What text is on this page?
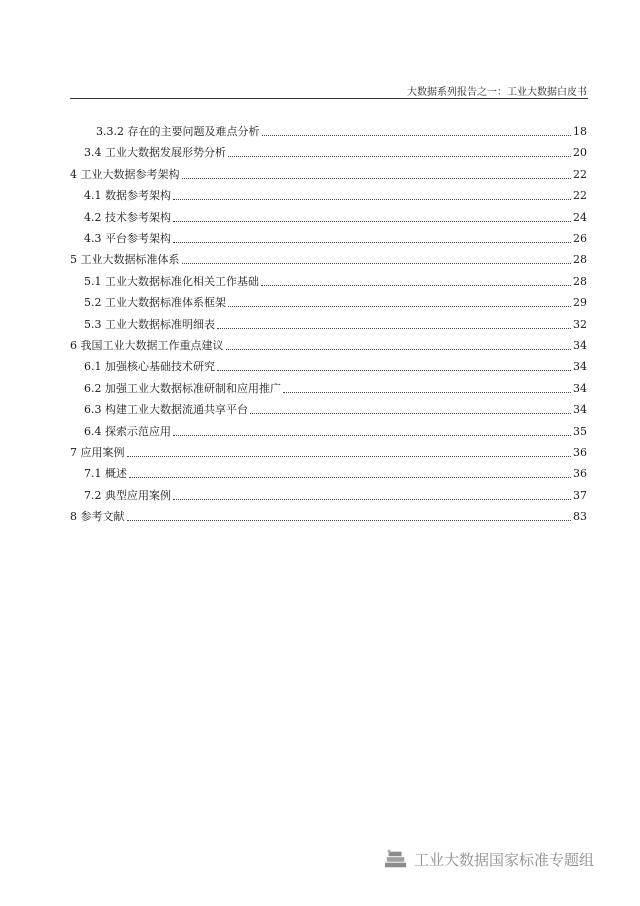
大数据系列报告之一：工业大数据白皮书
3.3.2 存在的主要问题及难点分析	18
3.4 工业大数据发展形势分析	20
4 工业大数据参考架构	22
4.1 数据参考架构	22
4.2 技术参考架构	24
4.3 平台参考架构	26
5 工业大数据标准体系	28
5.1 工业大数据标准化相关工作基础	28
5.2 工业大数据标准体系框架	29
5.3 工业大数据标准明细表	32
6 我国工业大数据工作重点建议	34
6.1 加强核心基础技术研究	34
6.2 加强工业大数据标准研制和应用推广	34
6.3 构建工业大数据流通共享平台	34
6.4 探索示范应用	35
7 应用案例	36
7.1 概述	36
7.2 典型应用案例	37
8 参考文献	83
工业大数据国家标准专题组
